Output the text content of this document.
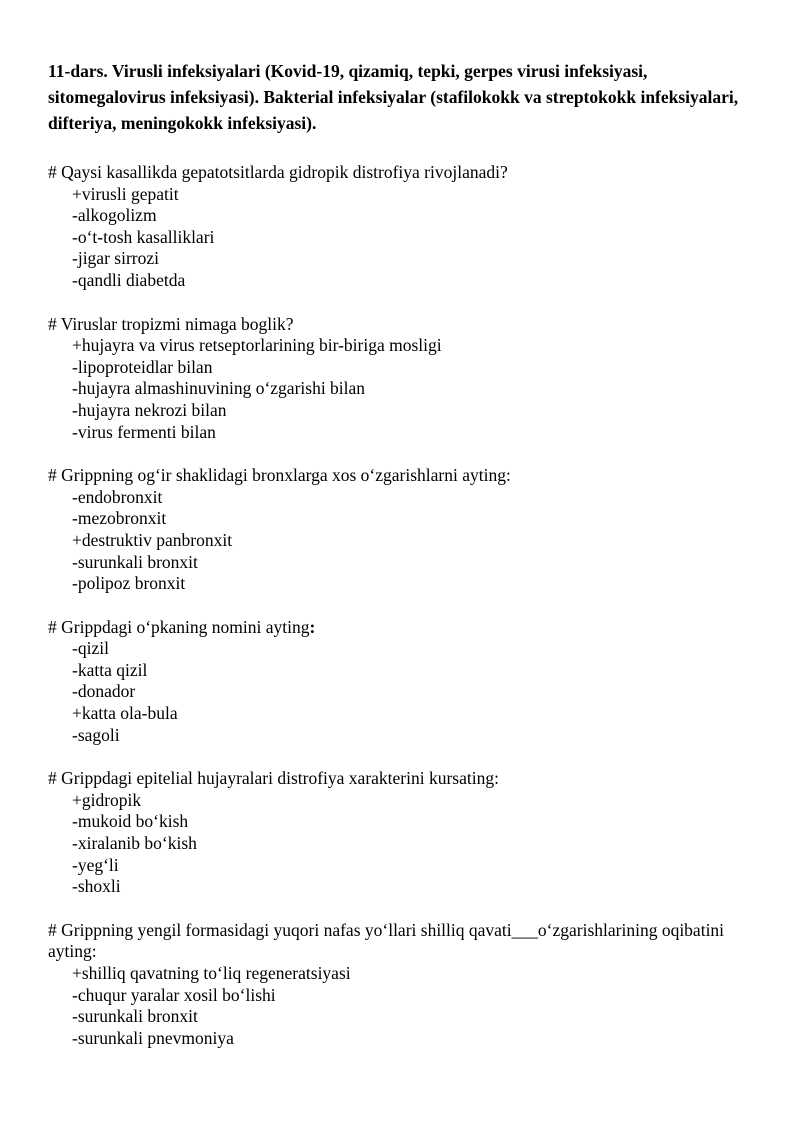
11-dars. Virusli infeksiyalari (Kovid-19, qizamiq, tepki, gerpes virusi infeksiyasi, sitomegalovirus infeksiyasi). Bakterial infeksiyalar (stafilokokk va streptokokk infeksiyalari, difteriya, meningokokk infeksiyasi).
# Qaysi kasallikda gepatotsitlarda gidropik distrofiya rivojlanadi?
+virusli gepatit
-alkogolizm
-o‘t-tosh kasalliklari
-jigar sirrozi
-qandli diabetda
# Viruslar tropizmi nimaga boglik?
+hujayra va virus retseptorlarining bir-biriga mosligi
-lipoproteidlar bilan
-hujayra almashinuvining o‘zgarishi bilan
-hujayra nekrozi bilan
-virus fermenti bilan
# Grippning og‘ir shaklidagi bronxlarga xos o‘zgarishlarni ayting:
-endobronxit
-mezobronxit
+destruktiv panbronxit
-surunkali bronxit
-polipoz bronxit
# Grippdagi o‘pkaning nomini ayting:
-qizil
-katta qizil
-donador
+katta ola-bula
-sagoli
# Grippdagi epitelial hujayralari distrofiya xarakterini kursating:
+gidropik
-mukoid bo‘kish
-xiralanib bo‘kish
-yeg‘li
-shoxli
# Grippning yengil formasidagi yuqori nafas yo‘llari shilliq qavati___o‘zgarishlarining oqibatini ayting:
+shilliq qavatning to‘liq regeneratsiyasi
-chuqur yaralar xosil bo‘lishi
-surunkali bronxit
-surunkali pnevmoniya
